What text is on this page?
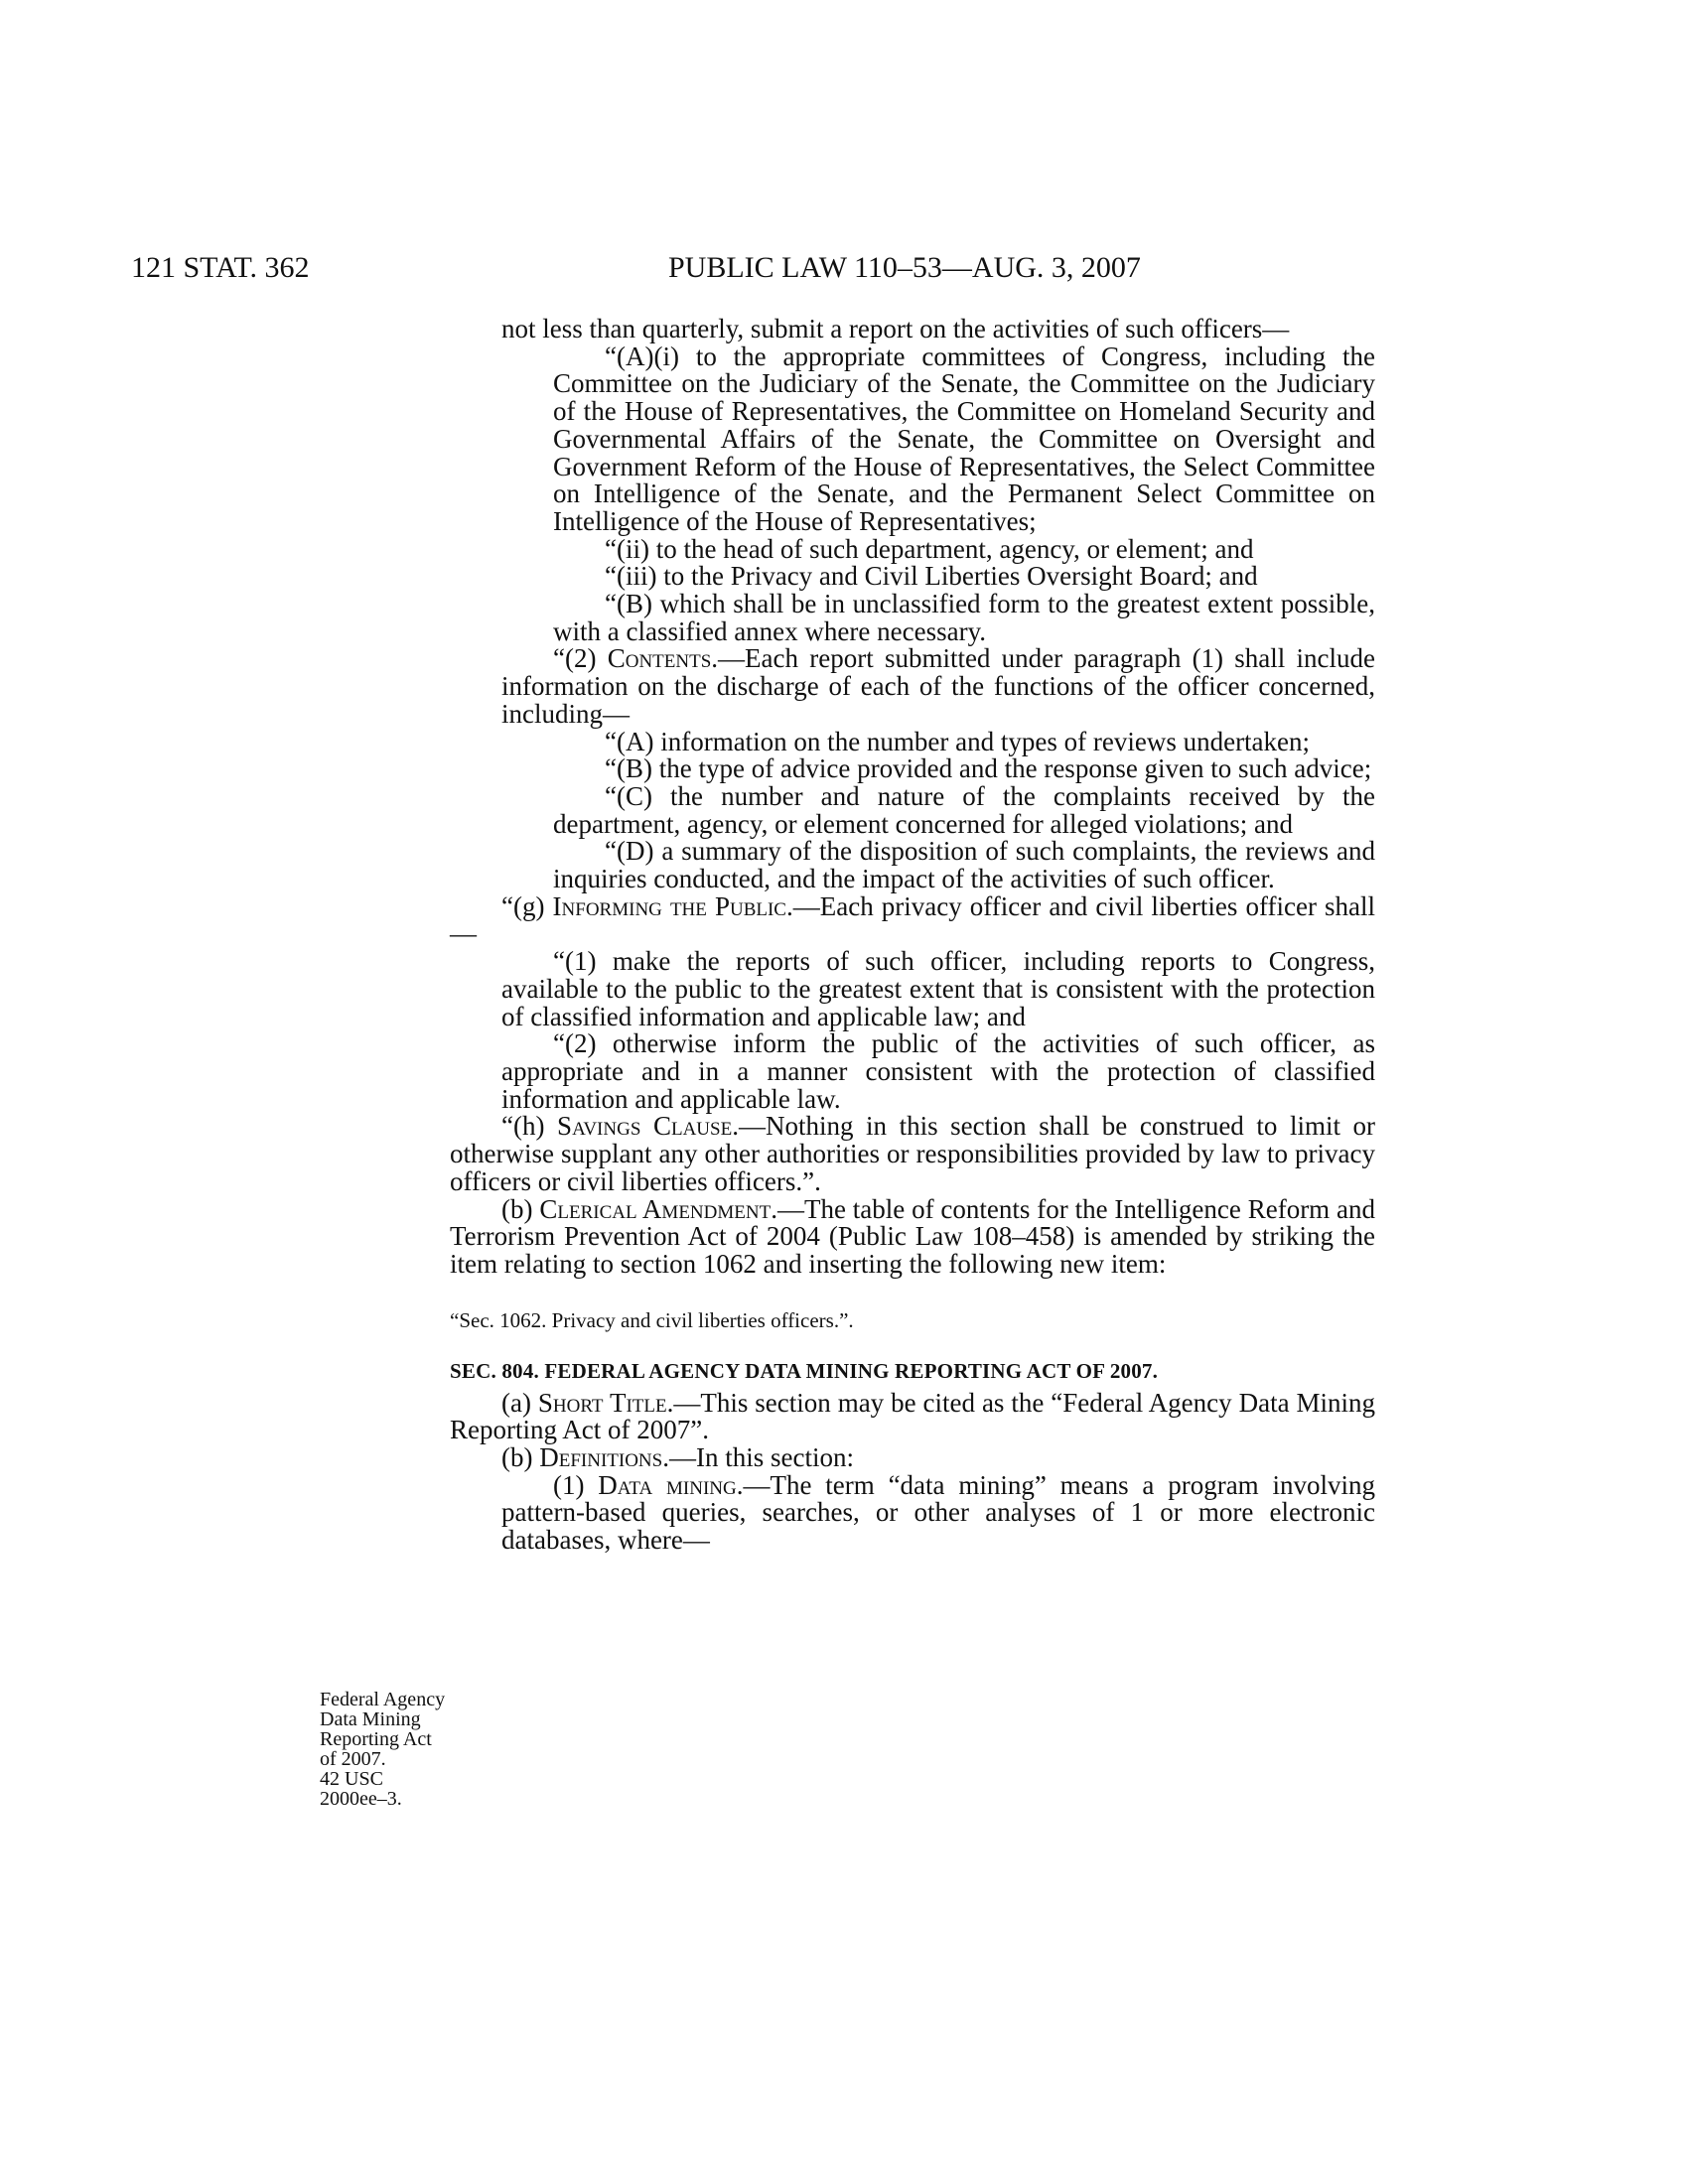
121 STAT. 362	PUBLIC LAW 110–53—AUG. 3, 2007
Federal Agency
Data Mining
Reporting Act
of 2007.
42 USC
2000ee–3.
not less than quarterly, submit a report on the activities of such officers—
“(A)(i) to the appropriate committees of Congress, including the Committee on the Judiciary of the Senate, the Committee on the Judiciary of the House of Representatives, the Committee on Homeland Security and Governmental Affairs of the Senate, the Committee on Oversight and Government Reform of the House of Representatives, the Select Committee on Intelligence of the Senate, and the Permanent Select Committee on Intelligence of the House of Representatives;
“(ii) to the head of such department, agency, or element; and
“(iii) to the Privacy and Civil Liberties Oversight Board; and
“(B) which shall be in unclassified form to the greatest extent possible, with a classified annex where necessary.
“(2) Contents.—Each report submitted under paragraph (1) shall include information on the discharge of each of the functions of the officer concerned, including—
“(A) information on the number and types of reviews undertaken;
“(B) the type of advice provided and the response given to such advice;
“(C) the number and nature of the complaints received by the department, agency, or element concerned for alleged violations; and
“(D) a summary of the disposition of such complaints, the reviews and inquiries conducted, and the impact of the activities of such officer.
“(g) Informing the Public.—Each privacy officer and civil liberties officer shall—
“(1) make the reports of such officer, including reports to Congress, available to the public to the greatest extent that is consistent with the protection of classified information and applicable law; and
“(2) otherwise inform the public of the activities of such officer, as appropriate and in a manner consistent with the protection of classified information and applicable law.
“(h) Savings Clause.—Nothing in this section shall be construed to limit or otherwise supplant any other authorities or responsibilities provided by law to privacy officers or civil liberties officers.”.
(b) Clerical Amendment.—The table of contents for the Intelligence Reform and Terrorism Prevention Act of 2004 (Public Law 108–458) is amended by striking the item relating to section 1062 and inserting the following new item:
“Sec. 1062. Privacy and civil liberties officers.”.
SEC. 804. FEDERAL AGENCY DATA MINING REPORTING ACT OF 2007.
(a) Short Title.—This section may be cited as the “Federal Agency Data Mining Reporting Act of 2007”.
(b) Definitions.—In this section:
(1) Data mining.—The term “data mining” means a program involving pattern-based queries, searches, or other analyses of 1 or more electronic databases, where—
